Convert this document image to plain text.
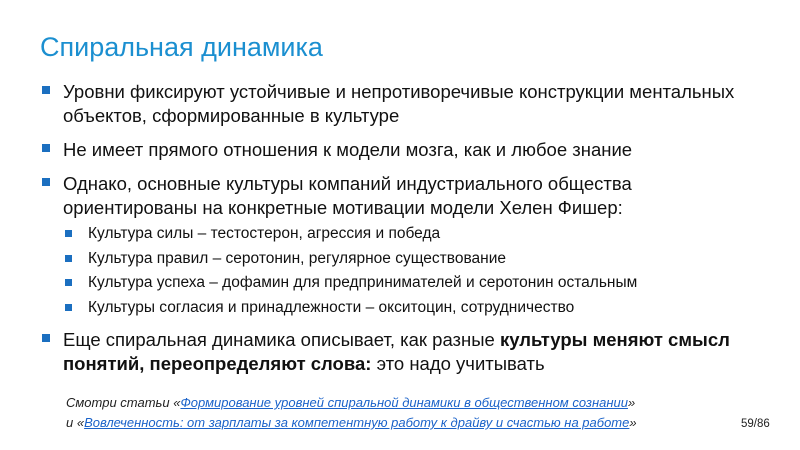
Спиральная динамика
Уровни фиксируют устойчивые и непротиворечивые конструкции ментальных объектов, сформированные в культуре
Не имеет прямого отношения к модели мозга, как и любое знание
Однако, основные культуры компаний индустриального общества ориентированы на конкретные мотивации модели Хелен Фишер:
Культура силы – тестостерон, агрессия и победа
Культура правил – серотонин, регулярное существование
Культура успеха – дофамин для предпринимателей и серотонин остальным
Культуры согласия и принадлежности – окситоцин, сотрудничество
Еще спиральная динамика описывает, как разные культуры меняют смысл понятий, переопределяют слова: это надо учитывать
Смотри статьи «Формирование уровней спиральной динамики в общественном сознании»
и «Вовлеченность: от зарплаты за компетентную работу к драйву и счастью на работе»	59/86
